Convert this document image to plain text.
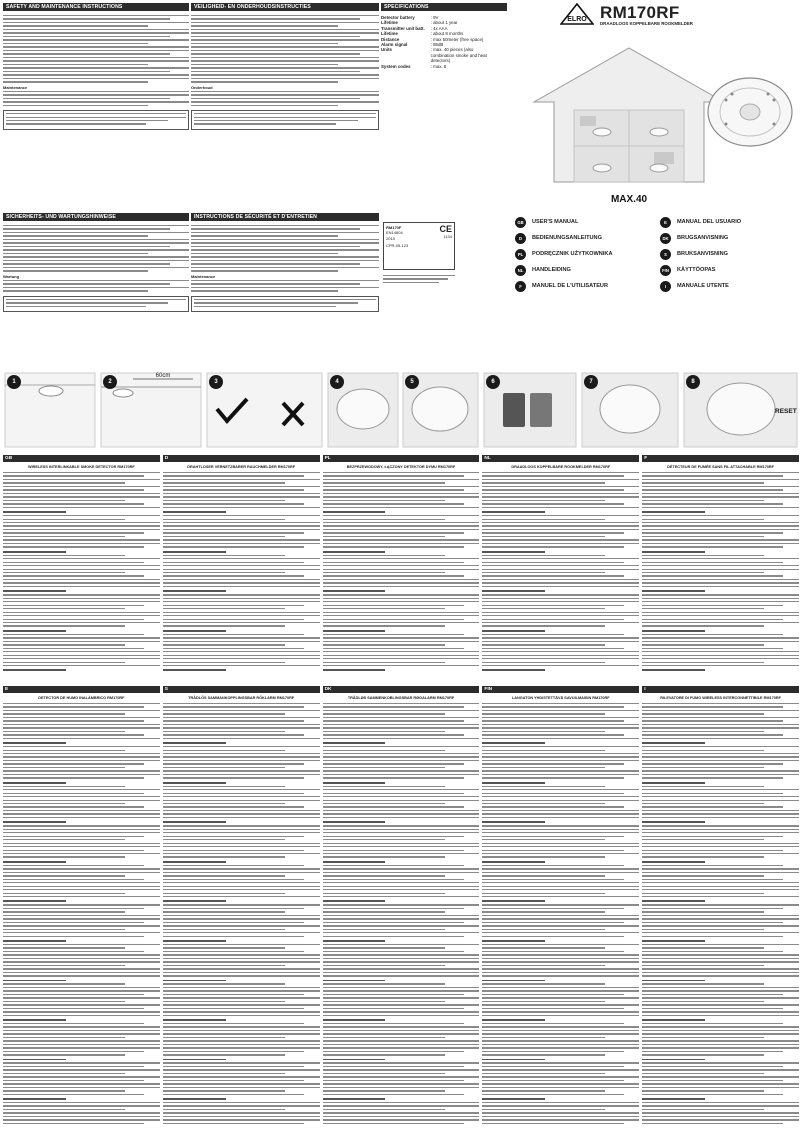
SAFETY AND MAINTENANCE INSTRUCTIONS
Maintenance
VEILIGHEID- EN ONDERHOUDSINSTRUCTIES
Onderhoud
SICHERHEITS- UND WARTUNGSHINWEISE
Wartung
INSTRUCTIONS DE SÉCURITÉ ET D'ENTRETIEN
Maintenance
SPECIFICATIONS
Detector battery	: 9V
Lifetime	: about 1 year
Transmitter unit batt.	: 4x AAA
Lifetime	: about 8 months
Distance	: max 50meter (free space)
Alarm signal	: 85dB
Units	: max. 40 pieces (also combination smoke and heat detectors)
System codes	: max. 8
ELRO RM170RF
DRAADLOOS KOPPELBARE ROOKMELDER
MAX.40
GB	USER'S MANUAL
D	BEDIENUNGSANLEITUNG
PL	PODRĘCZNIK UŻYTKOWNIKA
NL	HANDLEIDING
F	MANUEL DE L'UTILISATEUR
E	MANUAL DEL USUARIO
DK	BRUGSANVISNING
S	BRUKSANVISNING
FIN	KÄYTTÖOPAS
I	MANUALE UTENTE
RM170F
EN14604
2015
CE
1134
CPR-05-123
60cm
RESET
1	2	3	4	5	6	7	8
GB
WIRELESS INTERLINKABLE SMOKE DETECTOR RM170RF
D
DRAHTLOSER VERNETZBARER RAUCHMELDER RM170RF
PL
BEZPRZEWODOWY, ŁĄCZONY DETEKTOR DYMU RM170RF
NL
DRAADLOOS KOPPELBARE ROOKMELDER RM170RF
F
DÉTECTEUR DE FUMÉE SANS FIL ATTACHABLE RM170RF
E
DETECTOR DE HUMO INALÁMBRICO RM170RF
S
TRÅDLÖS SAMMANKOPPLINGSBAR RÖKLARM RM170RF
DK
TRÅDLØS SAMMENKOBLINGSBAR RØGALARM RM170RF
FIN
LANGATON YHDISTETTÄVÄ SAVUILMAISIN RM170RF
I
RILEVATORE DI FUMO WIRELESS INTERCONNETTIBILE RM170RF
